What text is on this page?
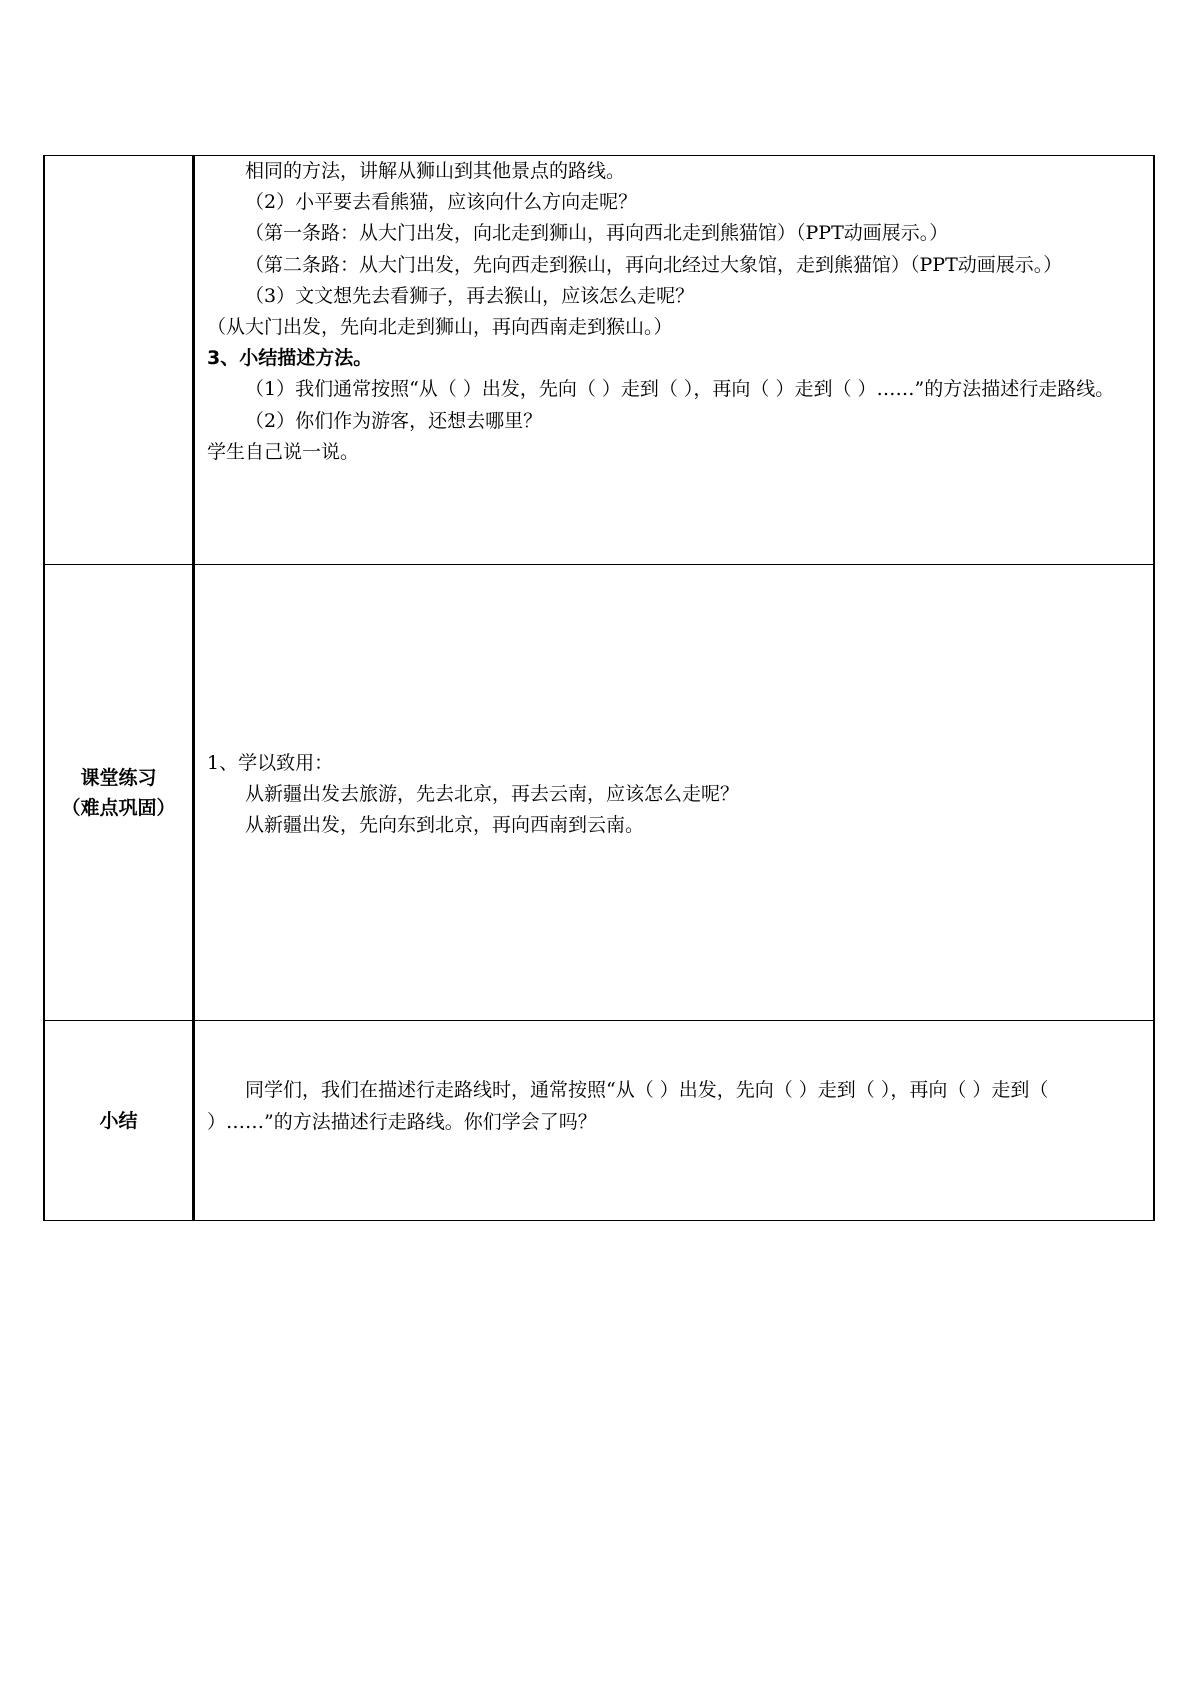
相同的方法，讲解从狮山到其他景点的路线。

（2）小平要去看熊猫，应该向什么方向走呢？

（第一条路：从大门出发，向北走到狮山，再向西北走到熊猫馆）（PPT动画展示。）

（第二条路：从大门出发，先向西走到猴山，再向北经过大象馆，走到熊猫馆）（PPT动画展示。）

（3）文文想先去看狮子，再去猴山，应该怎么走呢？

（从大门出发，先向北走到狮山，再向西南走到猴山。）

3、小结描述方法。

（1）我们通常按照“从（ ）出发，先向（ ）走到（ ），再向（ ）走到（ ）……”的方法描述行走路线。

（2）你们作为游客，还想去哪里？

学生自己说一说。

课堂练习
（难点巩固）

1、学以致用：

从新疆出发去旅游，先去北京，再去云南，应该怎么走呢？

从新疆出发，先向东到北京，再向西南到云南。

小结

同学们，我们在描述行走路线时，通常按照“从（ ）出发，先向（ ）走到（ ），再向（ ）走到（ ）……”的方法描述行走路线。你们学会了吗？
